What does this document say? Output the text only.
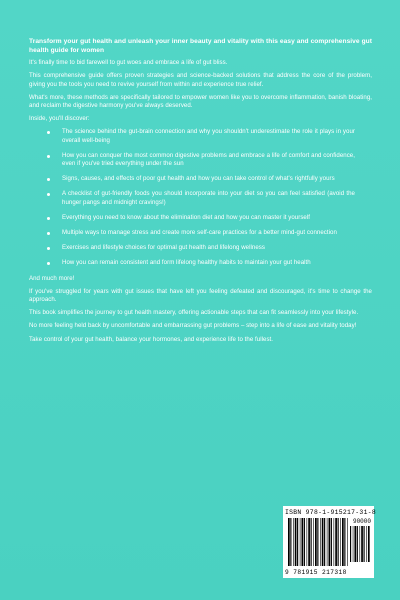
Transform your gut health and unleash your inner beauty and vitality with this easy and comprehensive gut health guide for women

It's finally time to bid farewell to gut woes and embrace a life of gut bliss.

This comprehensive guide offers proven strategies and science-backed solutions that address the core of the problem, giving you the tools you need to revive yourself from within and experience true relief.

What's more, these methods are specifically tailored to empower women like you to overcome inflammation, banish bloating, and reclaim the digestive harmony you've always deserved.

Inside, you'll discover:

The science behind the gut-brain connection and why you shouldn't underestimate the role it plays in your overall well-being
How you can conquer the most common digestive problems and embrace a life of comfort and confidence, even if you've tried everything under the sun
Signs, causes, and effects of poor gut health and how you can take control of what's rightfully yours
A checklist of gut-friendly foods you should incorporate into your diet so you can feel satisfied (avoid the hunger pangs and midnight cravings!)
Everything you need to know about the elimination diet and how you can master it yourself
Multiple ways to manage stress and create more self-care practices for a better mind-gut connection
Exercises and lifestyle choices for optimal gut health and lifelong wellness
How you can remain consistent and form lifelong healthy habits to maintain your gut health

And much more!

If you've struggled for years with gut issues that have left you feeling defeated and discouraged, it's time to change the approach.

This book simplifies the journey to gut health mastery, offering actionable steps that can fit seamlessly into your lifestyle.

No more feeling held back by uncomfortable and embarrassing gut problems – step into a life of ease and vitality today!

Take control of your gut health, balance your hormones, and experience life to the fullest.

ISBN 978-1-915217-31-8
90000
9 781915 217318
